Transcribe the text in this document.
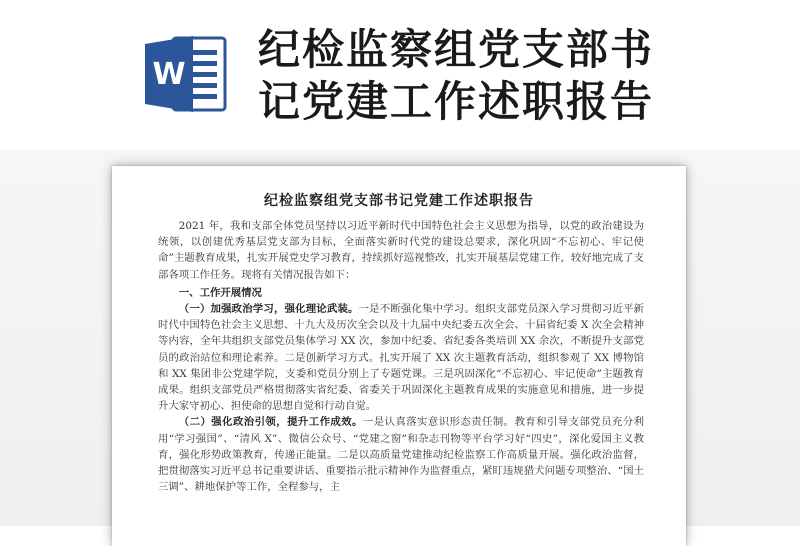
W
纪检监察组党支部书
记党建工作述职报告
纪检监察组党支部书记党建工作述职报告

2021 年，我和支部全体党员坚持以习近平新时代中国特色社会主义思想为指导，以党的政治建设为统领，以创建优秀基层党支部为目标，全面落实新时代党的建设总要求，深化巩固“不忘初心、牢记使命”主题教育成果，扎实开展党史学习教育，持续抓好巡视整改，扎实开展基层党建工作，较好地完成了支部各项工作任务。现将有关情况报告如下：

一、工作开展情况

（一）加强政治学习，强化理论武装。一是不断强化集中学习。组织支部党员深入学习贯彻习近平新时代中国特色社会主义思想、十九大及历次全会以及十九届中央纪委五次全会、十届省纪委 X 次全会精神等内容，全年共组织支部党员集体学习 XX 次，参加中纪委、省纪委各类培训 XX 余次，不断提升支部党员的政治站位和理论素养。二是创新学习方式。扎实开展了 XX 次主题教育活动，组织参观了 XX 博物馆和 XX 集团非公党建学院，支委和党员分别上了专题党课。三是巩固深化“不忘初心、牢记使命”主题教育成果。组织支部党员严格贯彻落实省纪委、省委关于巩固深化主题教育成果的实施意见和措施，进一步提升大家守初心、担使命的思想自觉和行动自觉。

（二）强化政治引领，提升工作成效。一是认真落实意识形态责任制。教育和引导支部党员充分利用“学习强国”、“清风 X”、微信公众号、“党建之窗”和杂志刊物等平台学习好“四史”，深化爱国主义教育，强化形势政策教育，传递正能量。二是以高质量党建推动纪检监察工作高质量开展。强化政治监督，把贯彻落实习近平总书记重要讲话、重要指示批示精神作为监督重点，紧盯违规猎犬问题专项整治、“国土三调”、耕地保护等工作，全程参与，主
